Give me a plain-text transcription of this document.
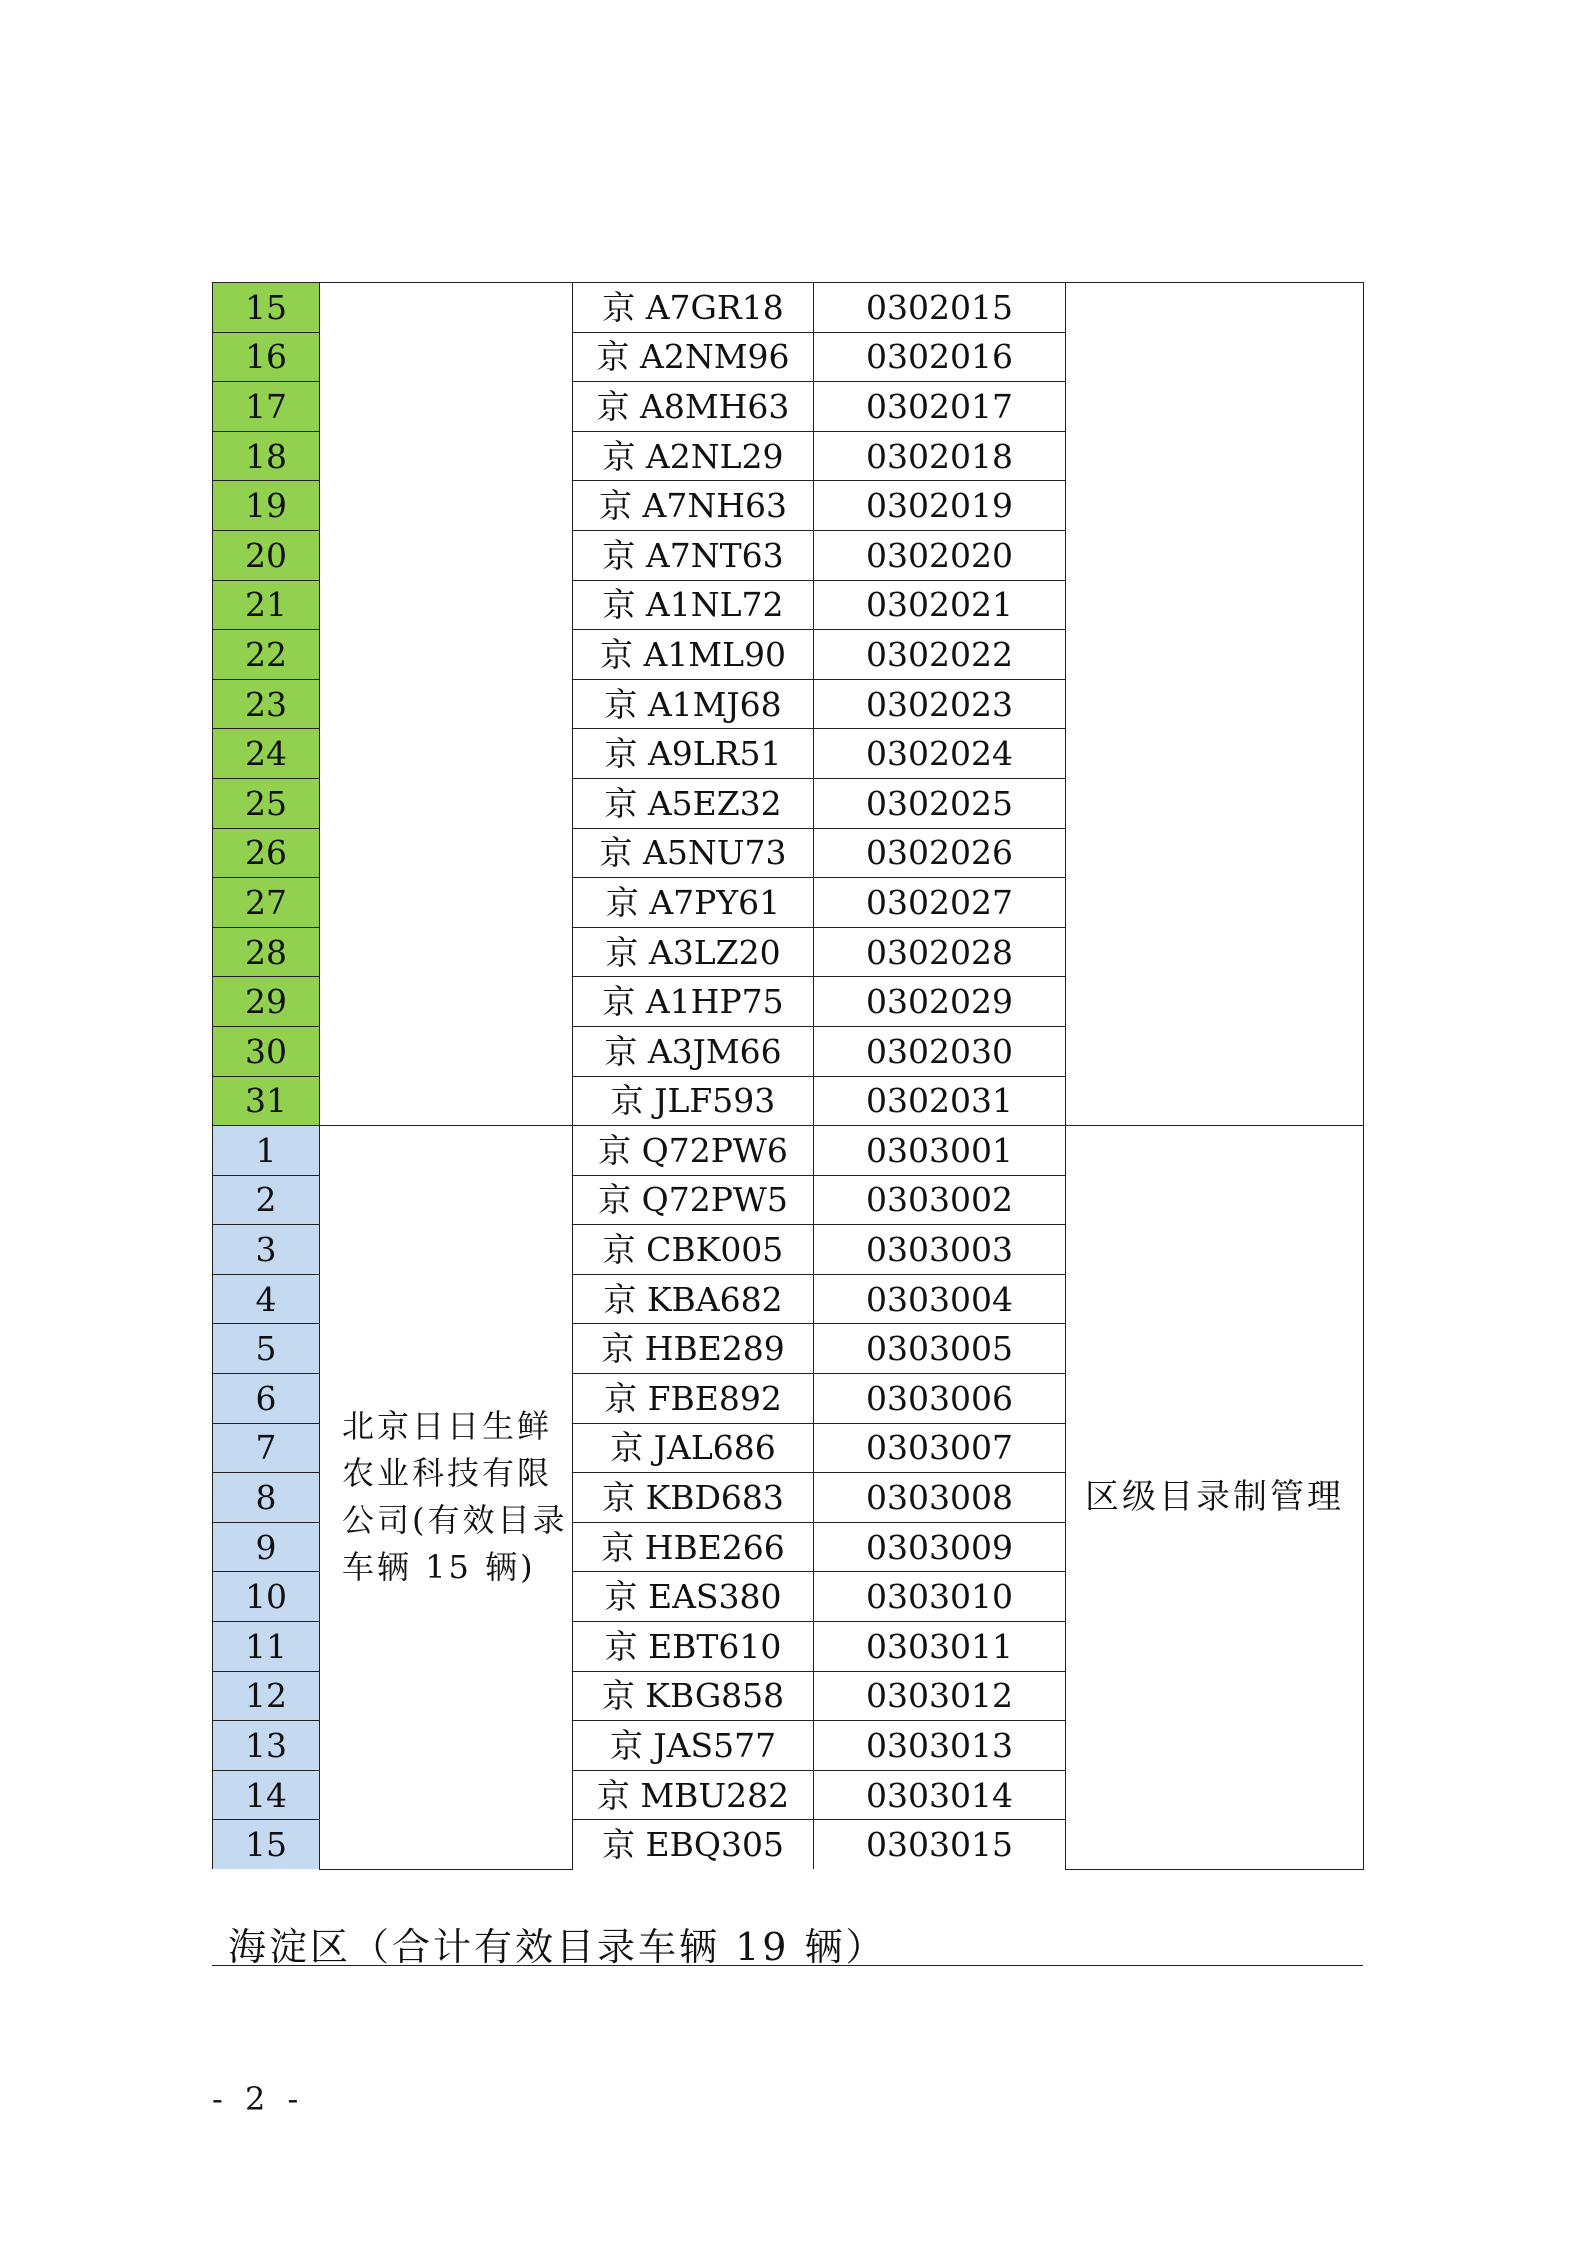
15		京 A7GR18	0302015	
16		京 A2NM96	0302016	
17		京 A8MH63	0302017	
18		京 A2NL29	0302018	
19		京 A7NH63	0302019	
20		京 A7NT63	0302020	
21		京 A1NL72	0302021	
22		京 A1ML90	0302022	
23		京 A1MJ68	0302023	
24		京 A9LR51	0302024	
25		京 A5EZ32	0302025	
26		京 A5NU73	0302026	
27		京 A7PY61	0302027	
28		京 A3LZ20	0302028	
29		京 A1HP75	0302029	
30		京 A3JM66	0302030	
31		京 JLF593	0302031	
1	北京日日生鲜农业科技有限公司(有效目录车辆 15 辆)	京 Q72PW6	0303001	区级目录制管理
2		京 Q72PW5	0303002	
3		京 CBK005	0303003	
4		京 KBA682	0303004	
5		京 HBE289	0303005	
6		京 FBE892	0303006	
7		京 JAL686	0303007	
8		京 KBD683	0303008	
9		京 HBE266	0303009	
10		京 EAS380	0303010	
11		京 EBT610	0303011	
12		京 KBG858	0303012	
13		京 JAS577	0303013	
14		京 MBU282	0303014	
15		京 EBQ305	0303015	
海淀区（合计有效目录车辆 19 辆）
- 2 -
